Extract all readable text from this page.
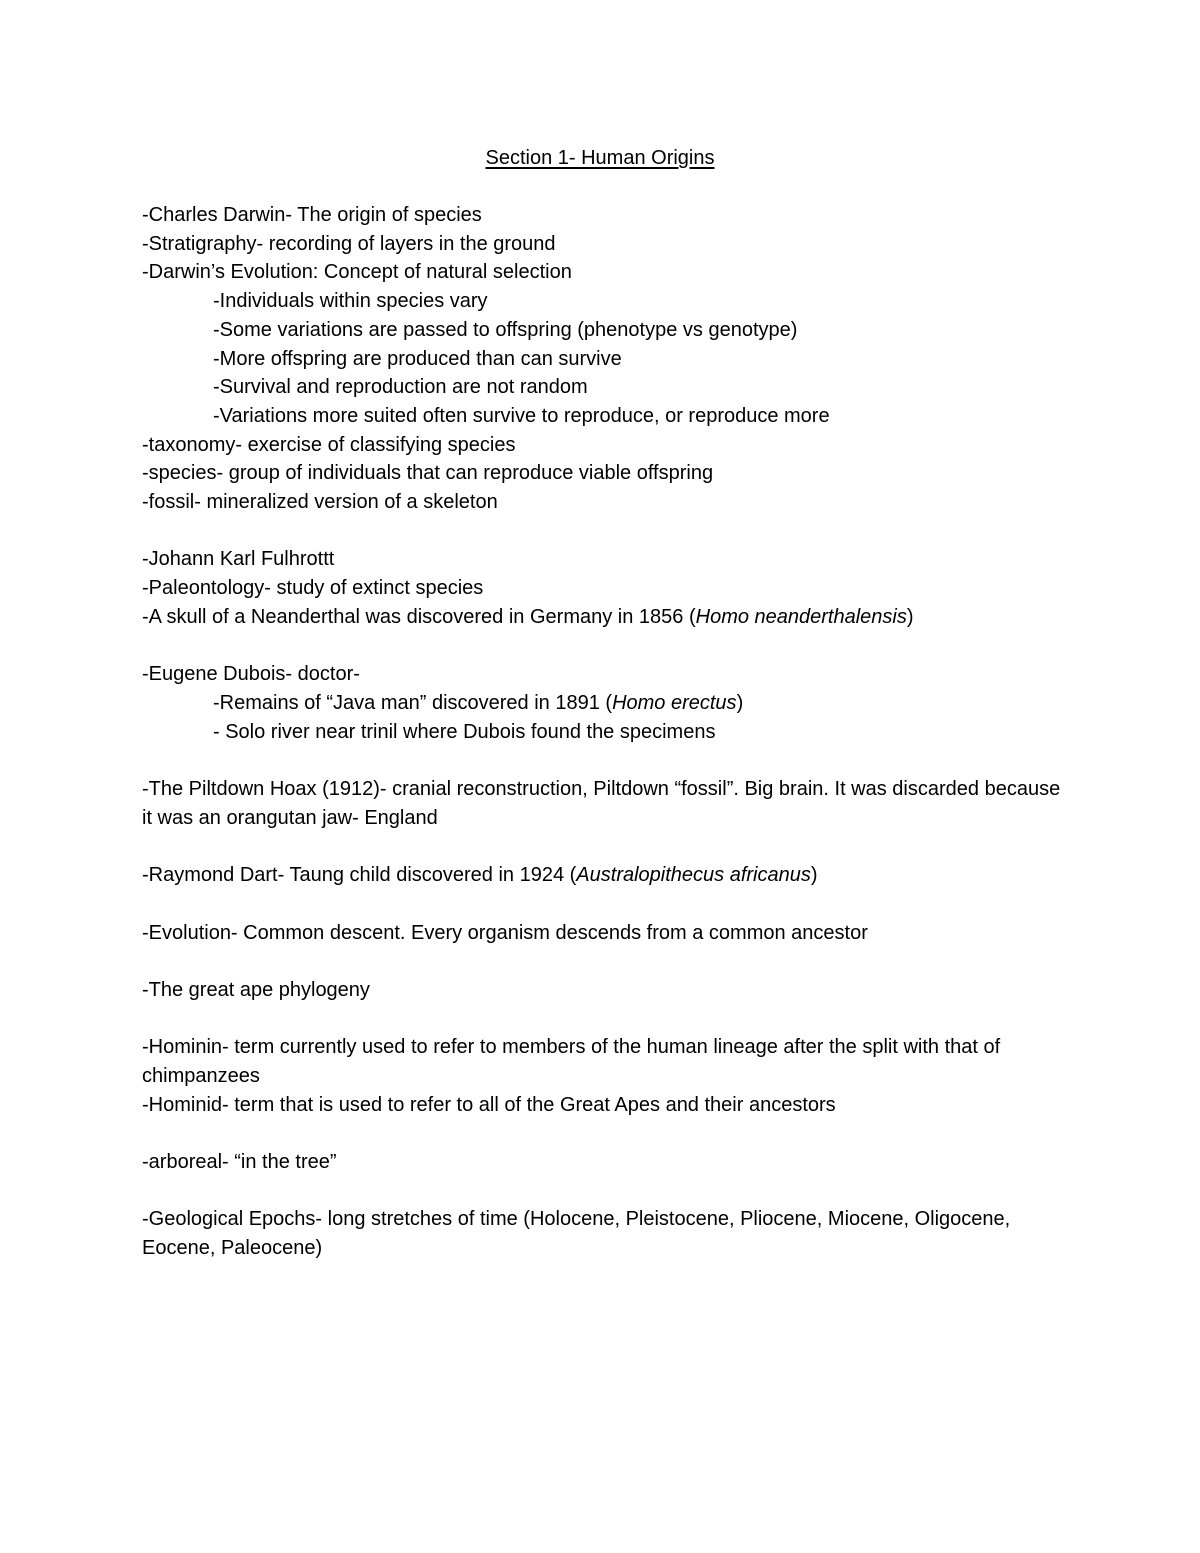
Section 1- Human Origins

-Charles Darwin- The origin of species

-Stratigraphy- recording of layers in the ground

-Darwin’s Evolution: Concept of natural selection

-Individuals within species vary

-Some variations are passed to offspring (phenotype vs genotype)

-More offspring are produced than can survive

-Survival and reproduction are not random

-Variations more suited often survive to reproduce, or reproduce more

-taxonomy- exercise of classifying species

-species- group of individuals that can reproduce viable offspring

-fossil- mineralized version of a skeleton

-Johann Karl Fulhrottt

-Paleontology- study of extinct species

-A skull of a Neanderthal was discovered in Germany in 1856 (Homo neanderthalensis)

-Eugene Dubois- doctor-

-Remains of “Java man” discovered in 1891 (Homo erectus)

- Solo river near trinil where Dubois found the specimens

-The Piltdown Hoax (1912)- cranial reconstruction, Piltdown “fossil”. Big brain. It was discarded because it was an orangutan jaw- England

-Raymond Dart- Taung child discovered in 1924 (Australopithecus africanus)

-Evolution- Common descent. Every organism descends from a common ancestor

-The great ape phylogeny

-Hominin- term currently used to refer to members of the human lineage after the split with that of chimpanzees

-Hominid- term that is used to refer to all of the Great Apes and their ancestors

-arboreal- “in the tree”

-Geological Epochs- long stretches of time (Holocene, Pleistocene, Pliocene, Miocene, Oligocene, Eocene, Paleocene)
